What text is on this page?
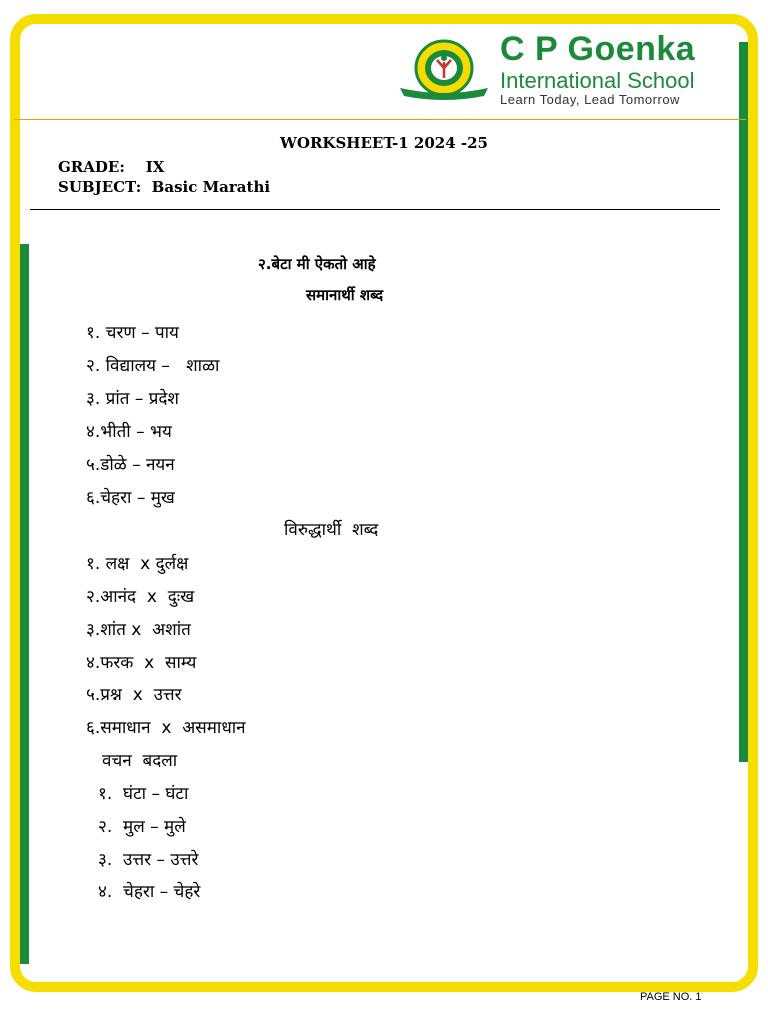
C P Goenka
International School
Learn Today, Lead Tomorrow
WORKSHEET-1 2024 -25
GRADE:    IX
SUBJECT:  Basic Marathi
२.बेटा मी ऐकतो आहे
समानार्थी शब्द
१. चरण – पाय
२. विद्यालय –   शाळा
३. प्रांत – प्रदेश
४.भीती – भय
५.डोळे – नयन
६.चेहरा – मुख
विरुद्धार्थी  शब्द
१. लक्ष  x दुर्लक्ष
२.आनंद  x  दुःख
३.शांत x  अशांत
४.फरक  x  साम्य
५.प्रश्न  x  उत्तर
६.समाधान  x  असमाधान
वचन  बदला
१.  घंटा – घंटा
२.  मुल – मुले
३.  उत्तर – उत्तरे
४.  चेहरा – चेहरे
PAGE NO. 1
